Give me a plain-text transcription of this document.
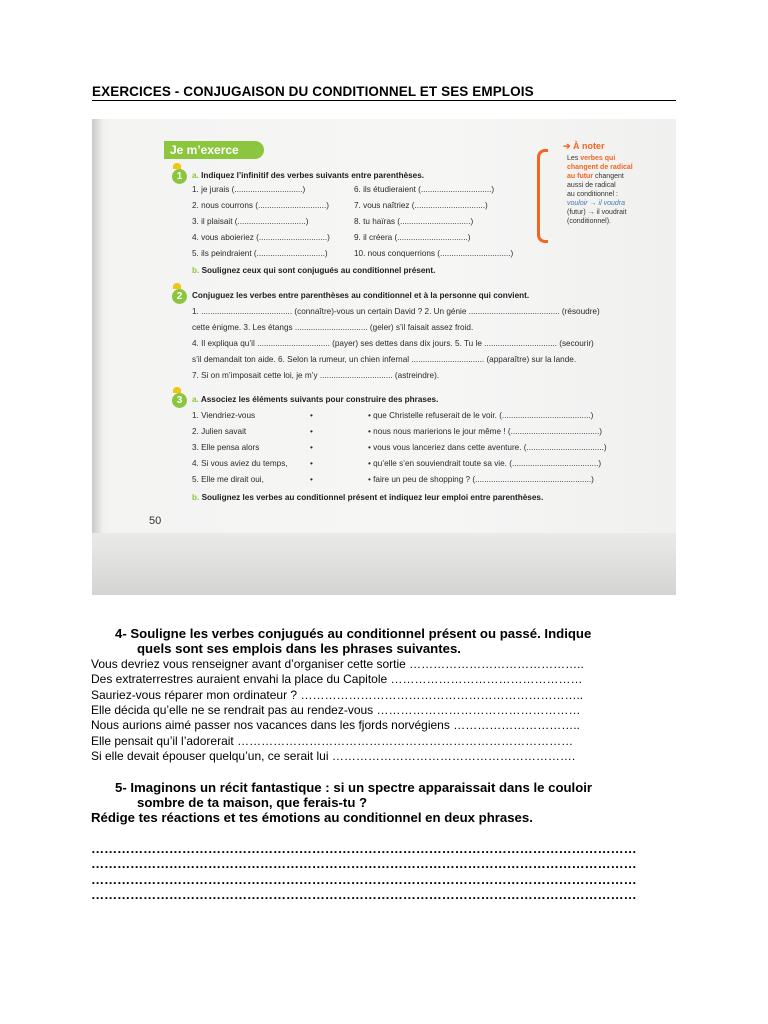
EXERCICES - CONJUGAISON DU CONDITIONNEL ET SES EMPLOIS
Je m’exerce
1	a. Indiquez l’infinitif des verbes suivants entre parenthèses.
1. je jurais (..............................)	6. ils étudieraient (...............................)
2. nous courrons (..............................)	7. vous naîtriez (...............................)
3. il plaisait (..............................)	8. tu haïras (...............................)
4. vous aboieriez (..............................)	9. il créera (...............................)
5. ils peindraient (..............................)	10. nous conquerrions (...............................)
b. Soulignez ceux qui sont conjugués au conditionnel présent.
➔ À noter
Les verbes qui
changent de radical
au futur changent
aussi de radical
au conditionnel :
vouloir → il voudra
(futur) → il voudrait
(conditionnel).
2	Conjuguez les verbes entre parenthèses au conditionnel et à la personne qui convient.
1. ........................................ (connaître)-vous un certain David ? 2. Un génie ........................................ (résoudre)
cette énigme. 3. Les étangs ................................ (geler) s’il faisait assez froid.
4. Il expliqua qu’il ................................ (payer) ses dettes dans dix jours. 5. Tu le ................................ (secourir)
s’il demandait ton aide. 6. Selon la rumeur, un chien infernal ................................ (apparaître) sur la lande.
7. Si on m’imposait cette loi, je m’y ................................ (astreindre).
3	a. Associez les éléments suivants pour construire des phrases.
1. Viendriez-vous	•	• que Christelle refuserait de le voir. (.......................................)
2. Julien savait	•	• nous nous marierions le jour même ! (.......................................)
3. Elle pensa alors	•	• vous vous lanceriez dans cette aventure. (..................................)
4. Si vous aviez du temps,	•	• qu’elle s’en souviendrait toute sa vie. (......................................)
5. Elle me dirait oui,	•	• faire un peu de shopping ? (...................................................)
b. Soulignez les verbes au conditionnel présent et indiquez leur emploi entre parenthèses.
50
4- Souligne les verbes conjugués au conditionnel présent ou passé. Indique
quels sont ses emplois dans les phrases suivantes.
Vous devriez vous renseigner avant d’organiser cette sortie ……………………………………..
Des extraterrestres auraient envahi la place du Capitole …………………………………………
Sauriez-vous réparer mon ordinateur ? ……………………………………………………………..
Elle décida qu’elle ne se rendrait pas au rendez-vous ……………………………………………
Nous aurions aimé passer nos vacances dans les fjords norvégiens …………………………..
Elle pensait qu’il l’adorerait …………………………………………………………………………
Si elle devait épouser quelqu’un, ce serait lui …………………………………………………….
5- Imaginons un récit fantastique : si un spectre apparaissait dans le couloir
sombre de ta maison, que ferais-tu ?
Rédige tes réactions et tes émotions au conditionnel en deux phrases.
………………………………………………………………………………………………………………
………………………………………………………………………………………………………………
………………………………………………………………………………………………………………
………………………………………………………………………………………………………………
